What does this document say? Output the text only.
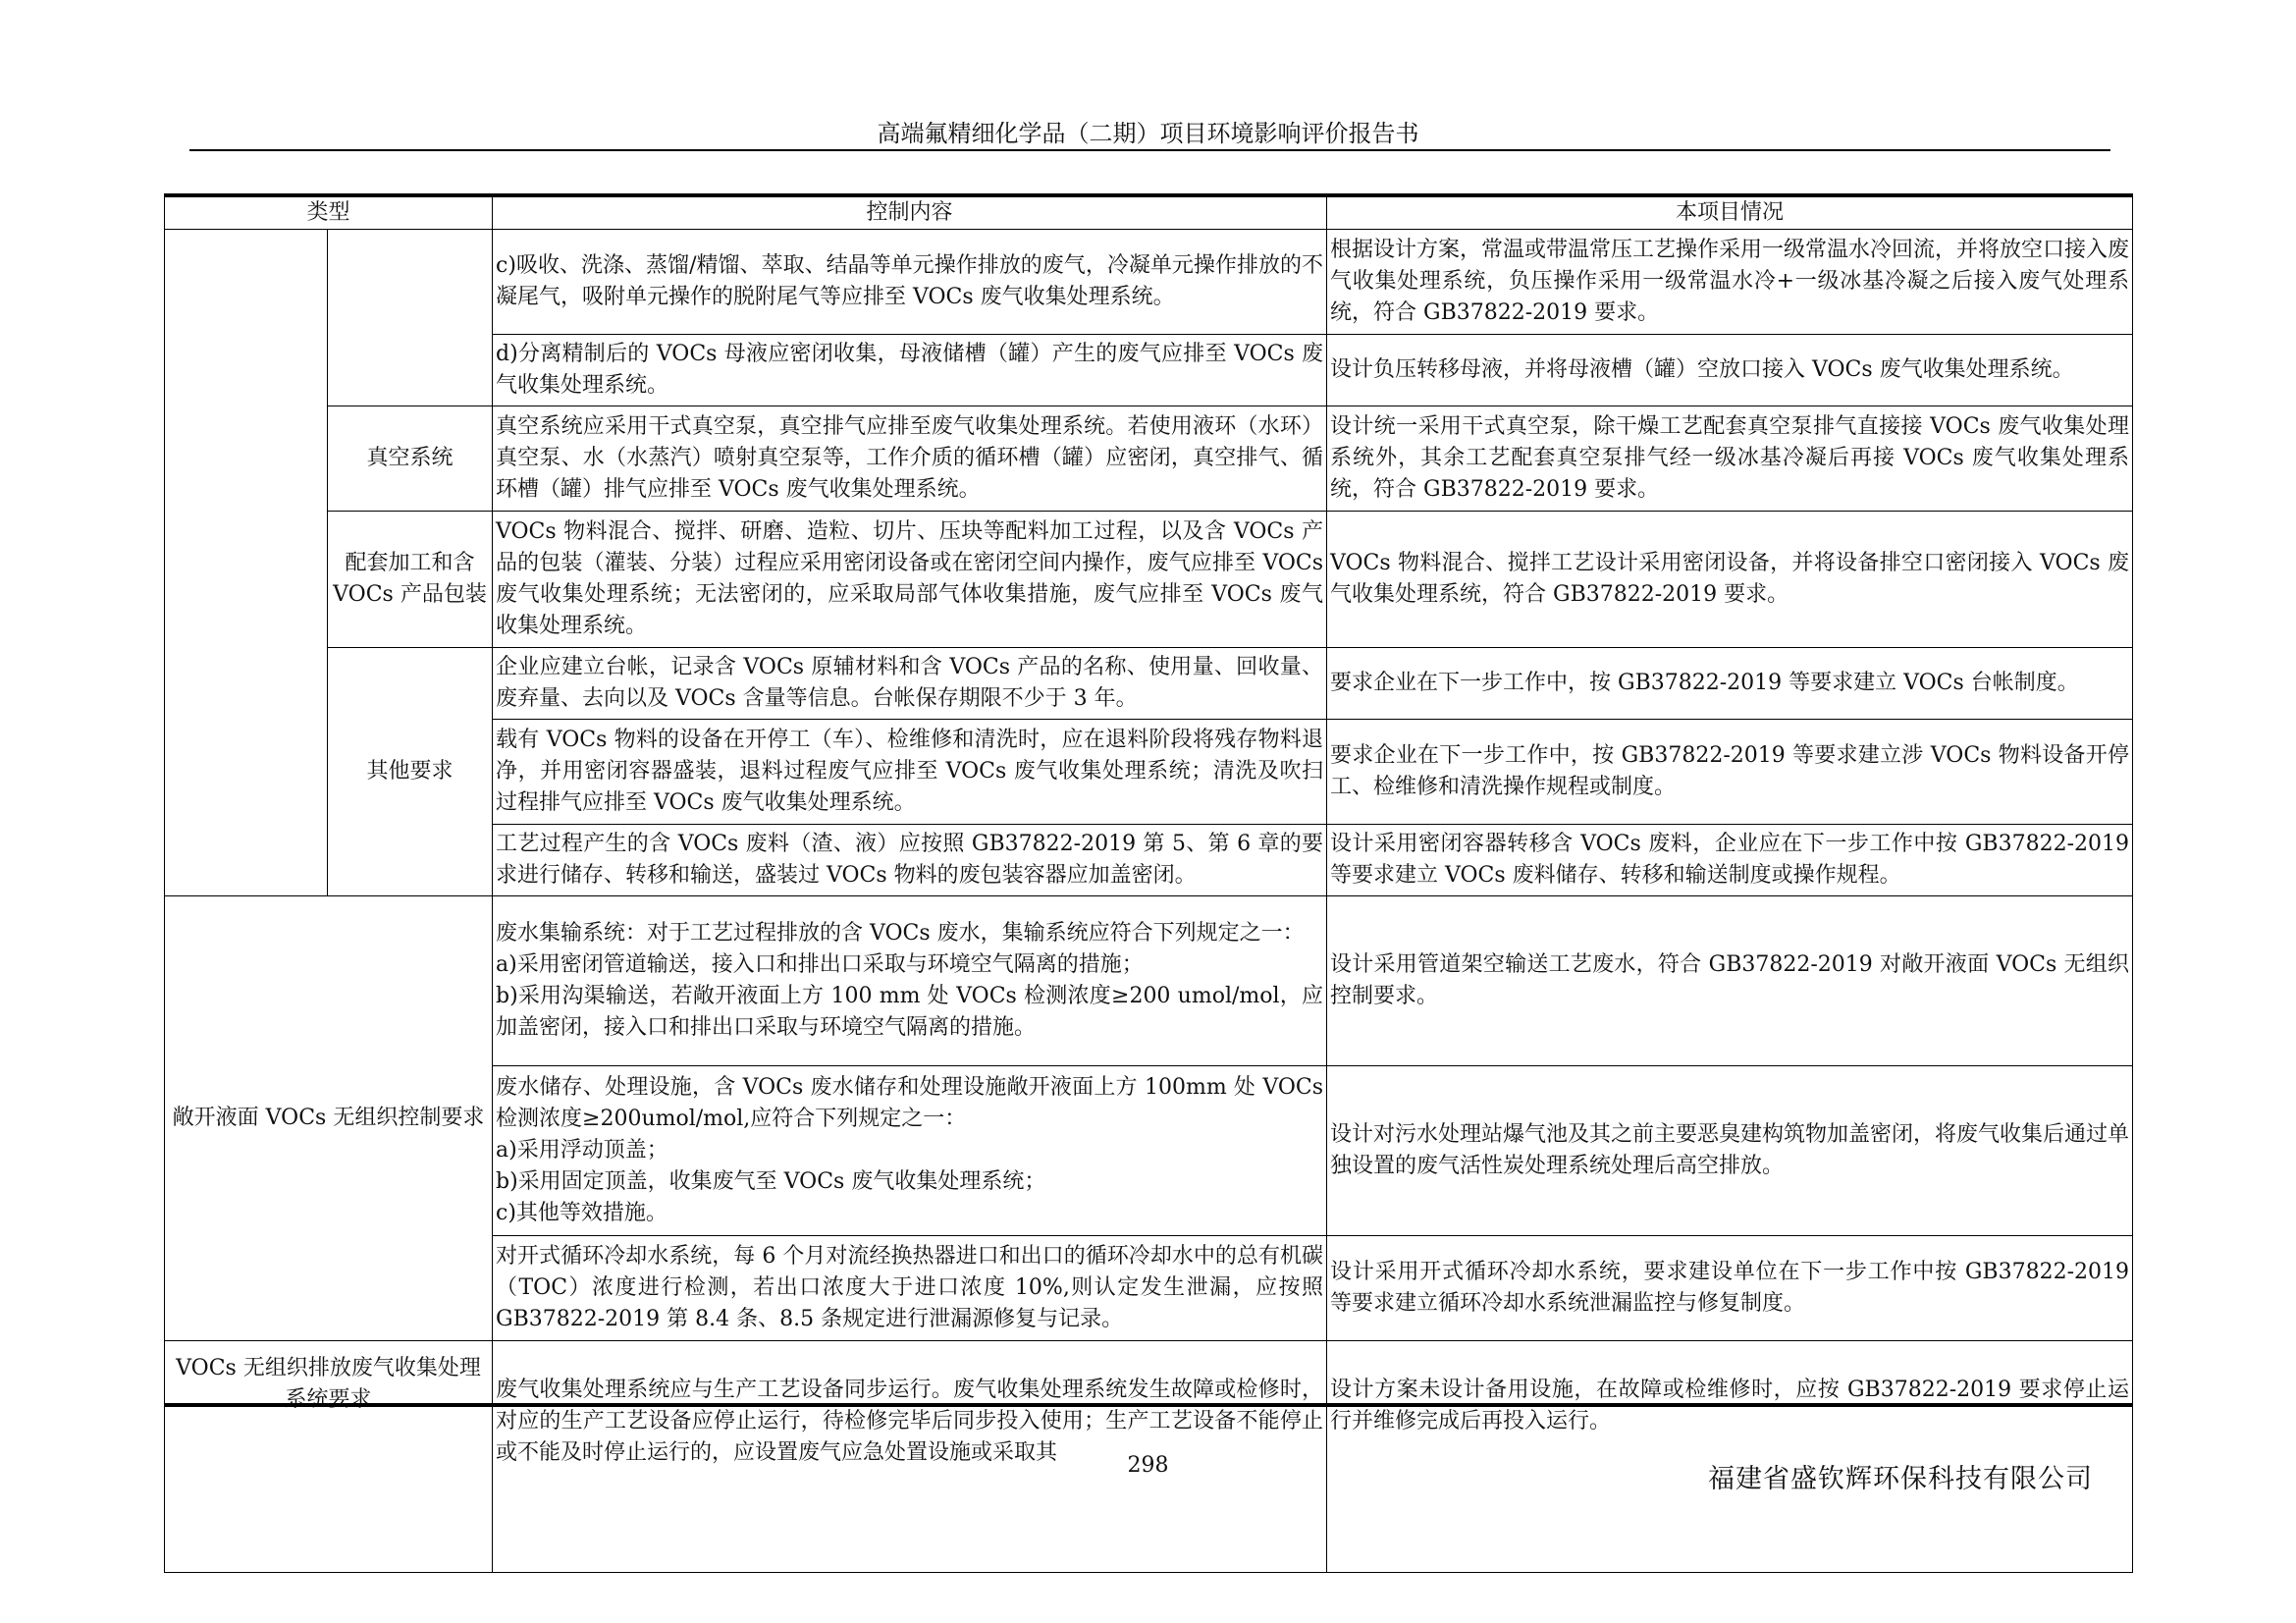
高端氟精细化学品（二期）项目环境影响评价报告书
类型		控制内容	本项目情况
		c)吸收、洗涤、蒸馏/精馏、萃取、结晶等单元操作排放的废气，冷凝单元操作排放的不凝尾气，吸附单元操作的脱附尾气等应排至 VOCs 废气收集处理系统。	根据设计方案，常温或带温常压工艺操作采用一级常温水冷回流，并将放空口接入废气收集处理系统，负压操作采用一级常温水冷+一级冰基冷凝之后接入废气处理系统，符合 GB37822-2019 要求。
		d)分离精制后的 VOCs 母液应密闭收集，母液储槽（罐）产生的废气应排至 VOCs 废气收集处理系统。	设计负压转移母液，并将母液槽（罐）空放口接入 VOCs 废气收集处理系统。
	真空系统	真空系统应采用干式真空泵，真空排气应排至废气收集处理系统。若使用液环（水环）真空泵、水（水蒸汽）喷射真空泵等，工作介质的循环槽（罐）应密闭，真空排气、循环槽（罐）排气应排至 VOCs 废气收集处理系统。	设计统一采用干式真空泵，除干燥工艺配套真空泵排气直接接 VOCs 废气收集处理系统外，其余工艺配套真空泵排气经一级冰基冷凝后再接 VOCs 废气收集处理系统，符合 GB37822-2019 要求。
	配套加工和含 VOCs 产品包装	VOCs 物料混合、搅拌、研磨、造粒、切片、压块等配料加工过程，以及含 VOCs 产品的包装（灌装、分装）过程应采用密闭设备或在密闭空间内操作，废气应排至 VOCs 废气收集处理系统；无法密闭的，应采取局部气体收集措施，废气应排至 VOCs 废气收集处理系统。	VOCs 物料混合、搅拌工艺设计采用密闭设备，并将设备排空口密闭接入 VOCs 废气收集处理系统，符合 GB37822-2019 要求。
	其他要求	企业应建立台帐，记录含 VOCs 原辅材料和含 VOCs 产品的名称、使用量、回收量、废弃量、去向以及 VOCs 含量等信息。台帐保存期限不少于 3 年。	要求企业在下一步工作中，按 GB37822-2019 等要求建立 VOCs 台帐制度。
		载有 VOCs 物料的设备在开停工（车）、检维修和清洗时，应在退料阶段将残存物料退净，并用密闭容器盛装，退料过程废气应排至 VOCs 废气收集处理系统；清洗及吹扫过程排气应排至 VOCs 废气收集处理系统。	要求企业在下一步工作中，按 GB37822-2019 等要求建立涉 VOCs 物料设备开停工、检维修和清洗操作规程或制度。
		工艺过程产生的含 VOCs 废料（渣、液）应按照 GB37822-2019 第 5、第 6 章的要求进行储存、转移和输送，盛装过 VOCs 物料的废包装容器应加盖密闭。	设计采用密闭容器转移含 VOCs 废料，企业应在下一步工作中按 GB37822-2019 等要求建立 VOCs 废料储存、转移和输送制度或操作规程。
敞开液面 VOCs 无组织控制要求		废水集输系统：对于工艺过程排放的含 VOCs 废水，集输系统应符合下列规定之一：
a)采用密闭管道输送，接入口和排出口采取与环境空气隔离的措施；
b)采用沟渠输送，若敞开液面上方 100 mm 处 VOCs 检测浓度≥200 umol/mol，应加盖密闭，接入口和排出口采取与环境空气隔离的措施。	设计采用管道架空输送工艺废水，符合 GB37822-2019 对敞开液面 VOCs 无组织控制要求。

		废水储存、处理设施，含 VOCs 废水储存和处理设施敞开液面上方 100mm 处 VOCs 检测浓度≥200umol/mol,应符合下列规定之一：
a)采用浮动顶盖；
b)采用固定顶盖，收集废气至 VOCs 废气收集处理系统；
c)其他等效措施。	设计对污水处理站爆气池及其之前主要恶臭建构筑物加盖密闭，将废气收集后通过单独设置的废气活性炭处理系统处理后高空排放。
		对开式循环冷却水系统，每 6 个月对流经换热器进口和出口的循环冷却水中的总有机碳（TOC）浓度进行检测，若出口浓度大于进口浓度 10%,则认定发生泄漏，应按照 GB37822-2019 第 8.4 条、8.5 条规定进行泄漏源修复与记录。	设计采用开式循环冷却水系统，要求建设单位在下一步工作中按 GB37822-2019 等要求建立循环冷却水系统泄漏监控与修复制度。
VOCs 无组织排放废气收集处理系统要求		废气收集处理系统应与生产工艺设备同步运行。废气收集处理系统发生故障或检修时，对应的生产工艺设备应停止运行，待检修完毕后同步投入使用；生产工艺设备不能停止或不能及时停止运行的，应设置废气应急处置设施或采取其	设计方案未设计备用设施，在故障或检维修时，应按 GB37822-2019 要求停止运行并维修完成后再投入运行。
298	福建省盛钦辉环保科技有限公司
